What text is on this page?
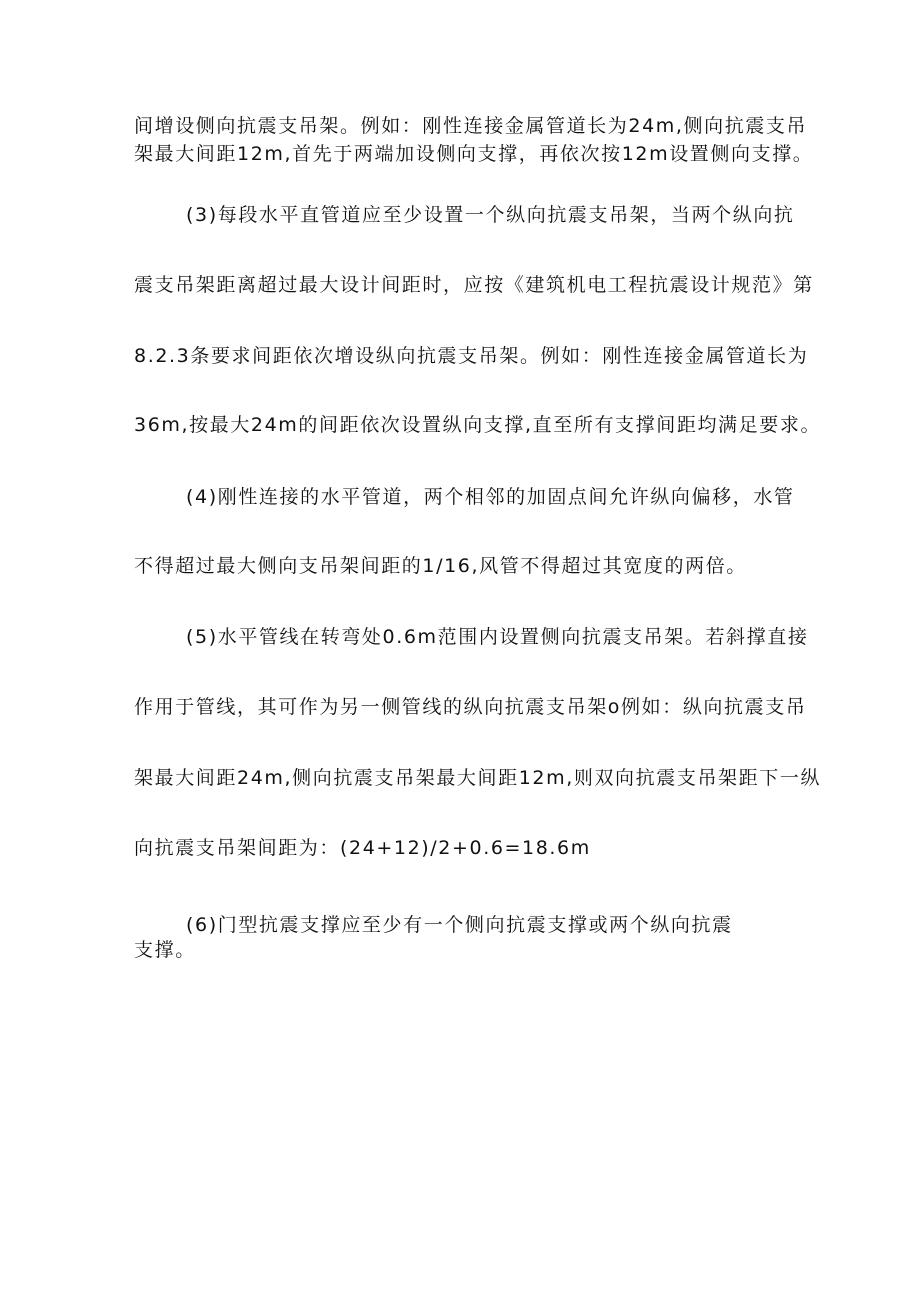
间增设侧向抗震支吊架。例如：刚性连接金属管道长为24m,侧向抗震支吊
架最大间距12m,首先于两端加设侧向支撑，再依次按12m设置侧向支撑。
(3)每段水平直管道应至少设置一个纵向抗震支吊架，当两个纵向抗
震支吊架距离超过最大设计间距时，应按《建筑机电工程抗震设计规范》第
8.2.3条要求间距依次增设纵向抗震支吊架。例如：刚性连接金属管道长为
36m,按最大24m的间距依次设置纵向支撑,直至所有支撑间距均满足要求。
(4)刚性连接的水平管道，两个相邻的加固点间允许纵向偏移，水管
不得超过最大侧向支吊架间距的1/16,风管不得超过其宽度的两倍。
(5)水平管线在转弯处0.6m范围内设置侧向抗震支吊架。若斜撑直接
作用于管线，其可作为另一侧管线的纵向抗震支吊架o例如：纵向抗震支吊
架最大间距24m,侧向抗震支吊架最大间距12m,则双向抗震支吊架距下一纵
向抗震支吊架间距为：(24+12)/2+0.6=18.6m
(6)门型抗震支撑应至少有一个侧向抗震支撑或两个纵向抗震
支撑。
